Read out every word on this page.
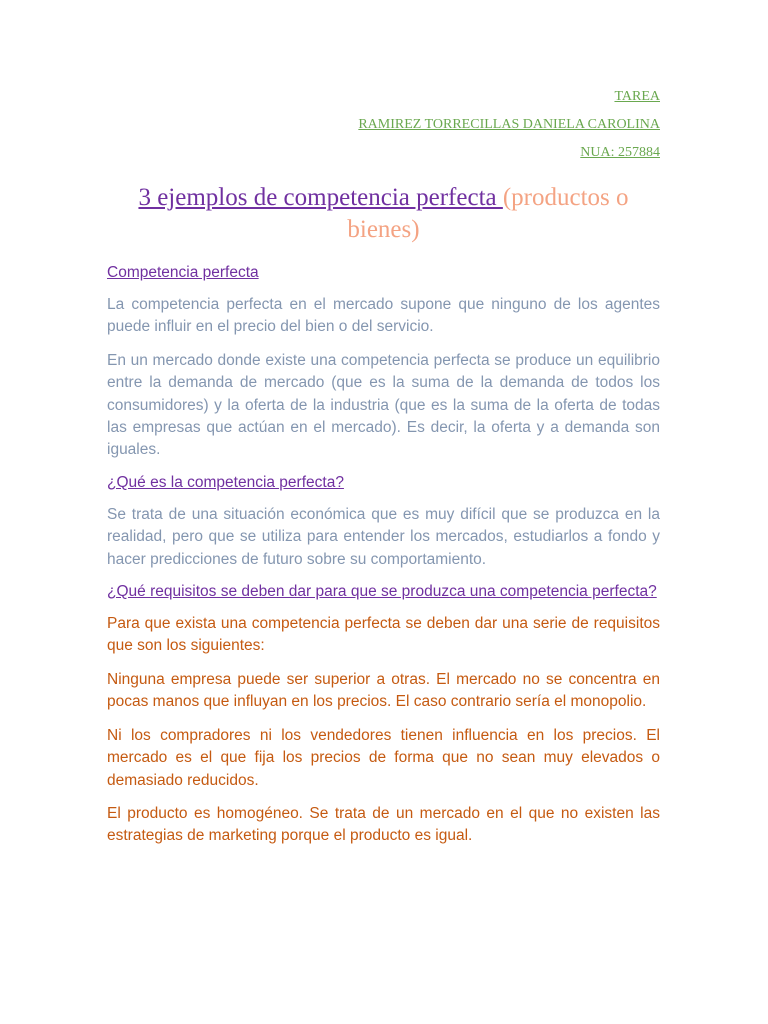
TAREA
RAMIREZ TORRECILLAS DANIELA CAROLINA
NUA: 257884
3 ejemplos de competencia perfecta (productos o bienes)
Competencia perfecta

La competencia perfecta en el mercado supone que ninguno de los agentes puede influir en el precio del bien o del servicio.

En un mercado donde existe una competencia perfecta se produce un equilibrio entre la demanda de mercado (que es la suma de la demanda de todos los consumidores) y la oferta de la industria (que es la suma de la oferta de todas las empresas que actúan en el mercado). Es decir, la oferta y a demanda son iguales.

¿Qué es la competencia perfecta?

Se trata de una situación económica que es muy difícil que se produzca en la realidad, pero que se utiliza para entender los mercados, estudiarlos a fondo y hacer predicciones de futuro sobre su comportamiento.

¿Qué requisitos se deben dar para que se produzca una competencia perfecta?

Para que exista una competencia perfecta se deben dar una serie de requisitos que son los siguientes:

Ninguna empresa puede ser superior a otras. El mercado no se concentra en pocas manos que influyan en los precios. El caso contrario sería el monopolio.

Ni los compradores ni los vendedores tienen influencia en los precios. El mercado es el que fija los precios de forma que no sean muy elevados o demasiado reducidos.

El producto es homogéneo. Se trata de un mercado en el que no existen las estrategias de marketing porque el producto es igual.
